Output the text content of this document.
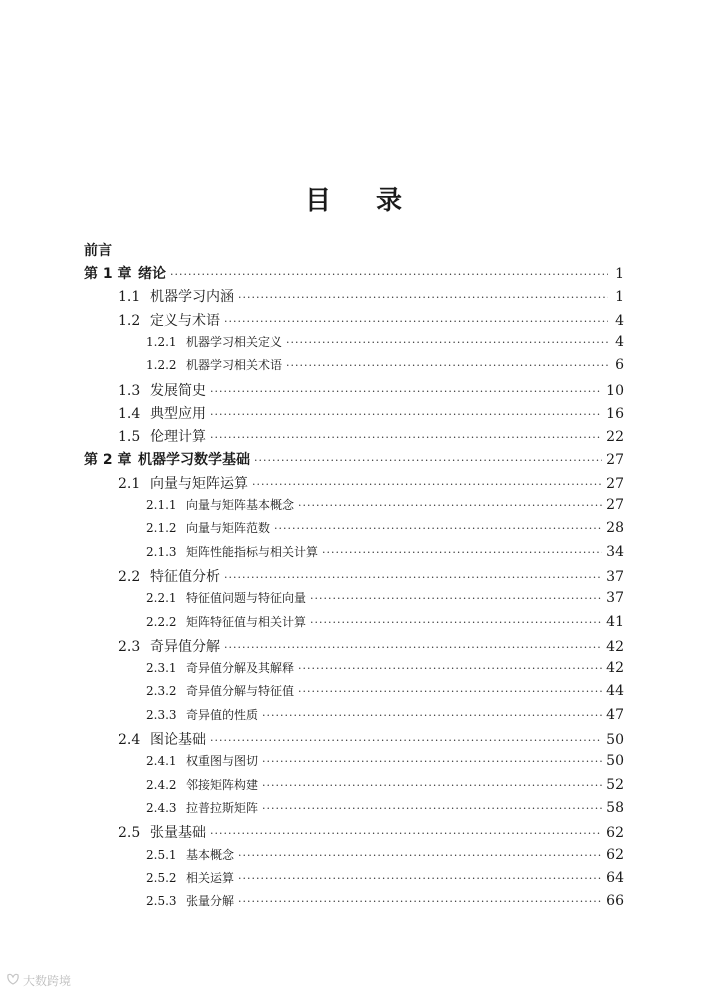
目 录
前言
第 1 章 绪论 ·····	1
1.1 机器学习内涵 ·····	1
1.2 定义与术语 ·····	4
1.2.1 机器学习相关定义 ·····	4
1.2.2 机器学习相关术语 ·····	6
1.3 发展简史 ·····	10
1.4 典型应用 ·····	16
1.5 伦理计算 ·····	22
第 2 章 机器学习数学基础 ·····	27
2.1 向量与矩阵运算 ·····	27
2.1.1 向量与矩阵基本概念 ·····	27
2.1.2 向量与矩阵范数 ·····	28
2.1.3 矩阵性能指标与相关计算 ·····	34
2.2 特征值分析 ·····	37
2.2.1 特征值问题与特征向量 ·····	37
2.2.2 矩阵特征值与相关计算 ·····	41
2.3 奇异值分解 ·····	42
2.3.1 奇异值分解及其解释 ·····	42
2.3.2 奇异值分解与特征值 ·····	44
2.3.3 奇异值的性质 ·····	47
2.4 图论基础 ·····	50
2.4.1 权重图与图切 ·····	50
2.4.2 邻接矩阵构建 ·····	52
2.4.3 拉普拉斯矩阵 ·····	58
2.5 张量基础 ·····	62
2.5.1 基本概念 ·····	62
2.5.2 相关运算 ·····	64
2.5.3 张量分解 ·····	66
大数跨境
